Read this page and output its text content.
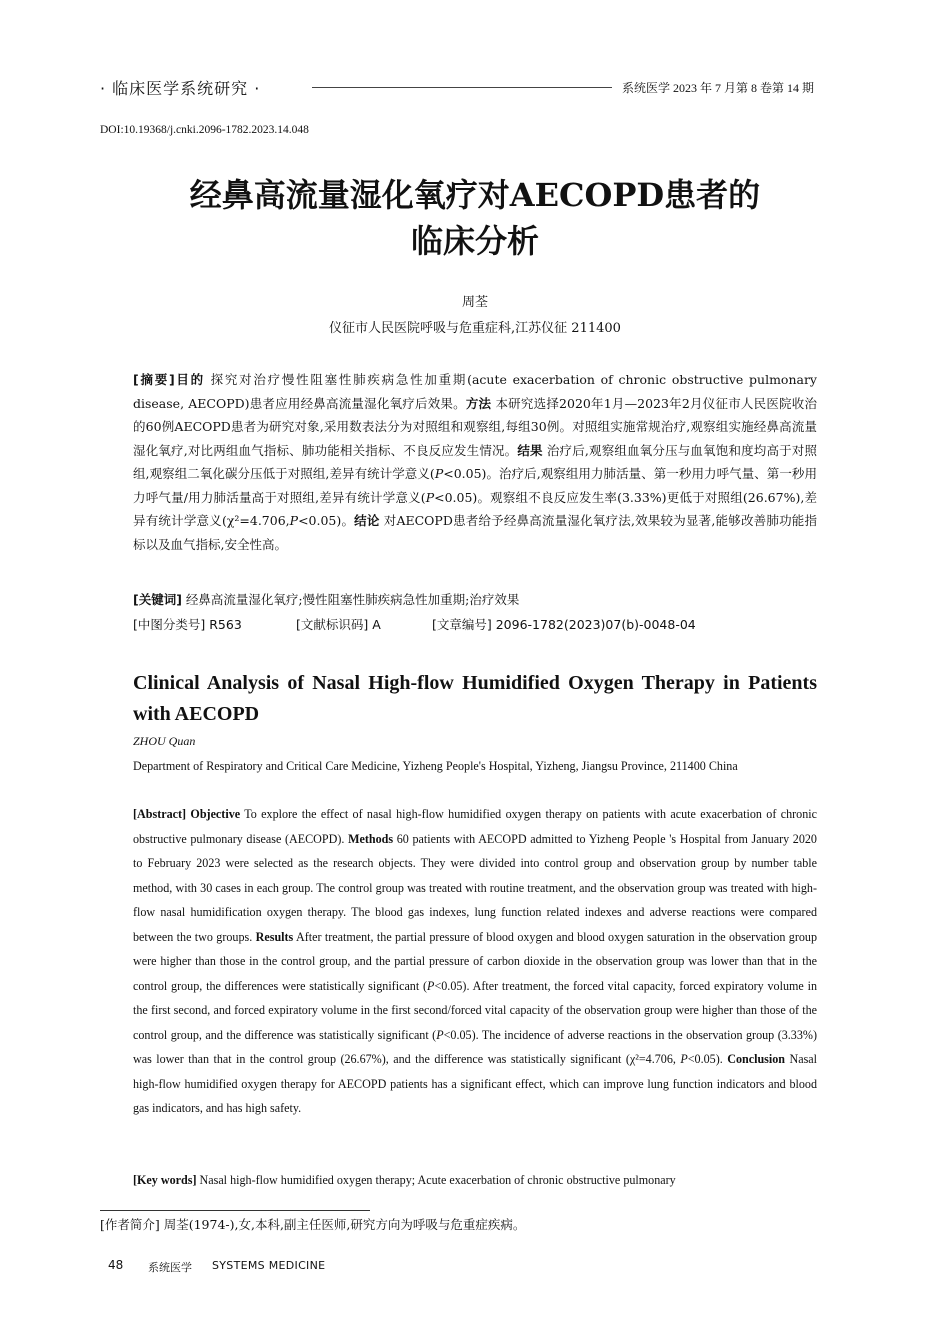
· 临床医学系统研究 ·	系统医学 2023 年 7 月第 8 卷第 14 期
DOI:10.19368/j.cnki.2096-1782.2023.14.048
经鼻高流量湿化氧疗对AECOPD患者的
临床分析
周荃
仪征市人民医院呼吸与危重症科,江苏仪征 211400
[摘要]目的 探究对治疗慢性阻塞性肺疾病急性加重期(acute exacerbation of chronic obstructive pulmonary disease, AECOPD)患者应用经鼻高流量湿化氧疗后效果。方法 本研究选择2020年1月—2023年2月仪征市人民医院收治的60例AECOPD患者为研究对象,采用数表法分为对照组和观察组,每组30例。对照组实施常规治疗,观察组实施经鼻高流量湿化氧疗,对比两组血气指标、肺功能相关指标、不良反应发生情况。结果 治疗后,观察组血氧分压与血氧饱和度均高于对照组,观察组二氧化碳分压低于对照组,差异有统计学意义(P<0.05)。治疗后,观察组用力肺活量、第一秒用力呼气量、第一秒用力呼气量/用力肺活量高于对照组,差异有统计学意义(P<0.05)。观察组不良反应发生率(3.33%)更低于对照组(26.67%),差异有统计学意义(χ²=4.706,P<0.05)。结论 对AECOPD患者给予经鼻高流量湿化氧疗法,效果较为显著,能够改善肺功能指标以及血气指标,安全性高。
[关键词] 经鼻高流量湿化氧疗;慢性阻塞性肺疾病急性加重期;治疗效果
[中图分类号] R563	[文献标识码] A	[文章编号] 2096-1782(2023)07(b)-0048-04
Clinical Analysis of Nasal High-flow Humidified Oxygen Therapy in Patients with AECOPD
ZHOU Quan
Department of Respiratory and Critical Care Medicine, Yizheng People's Hospital, Yizheng, Jiangsu Province, 211400 China
[Abstract] Objective To explore the effect of nasal high-flow humidified oxygen therapy on patients with acute exacerbation of chronic obstructive pulmonary disease (AECOPD). Methods 60 patients with AECOPD admitted to Yizheng People 's Hospital from January 2020 to February 2023 were selected as the research objects. They were divided into control group and observation group by number table method, with 30 cases in each group. The control group was treated with routine treatment, and the observation group was treated with high-flow nasal humidification oxygen therapy. The blood gas indexes, lung function related indexes and adverse reactions were compared between the two groups. Results After treatment, the partial pressure of blood oxygen and blood oxygen saturation in the observation group were higher than those in the control group, and the partial pressure of carbon dioxide in the observation group was lower than that in the control group, the differences were statistically significant (P<0.05). After treatment, the forced vital capacity, forced expiratory volume in the first second, and forced expiratory volume in the first second/forced vital capacity of the observation group were higher than those of the control group, and the difference was statistically significant (P<0.05). The incidence of adverse reactions in the observation group (3.33%) was lower than that in the control group (26.67%), and the difference was statistically significant (χ²=4.706, P<0.05). Conclusion Nasal high-flow humidified oxygen therapy for AECOPD patients has a significant effect, which can improve lung function indicators and blood gas indicators, and has high safety.
[Key words] Nasal high-flow humidified oxygen therapy; Acute exacerbation of chronic obstructive pulmonary
[作者简介] 周荃(1974-),女,本科,副主任医师,研究方向为呼吸与危重症疾病。
48 系统医学 SYSTEMS MEDICINE
